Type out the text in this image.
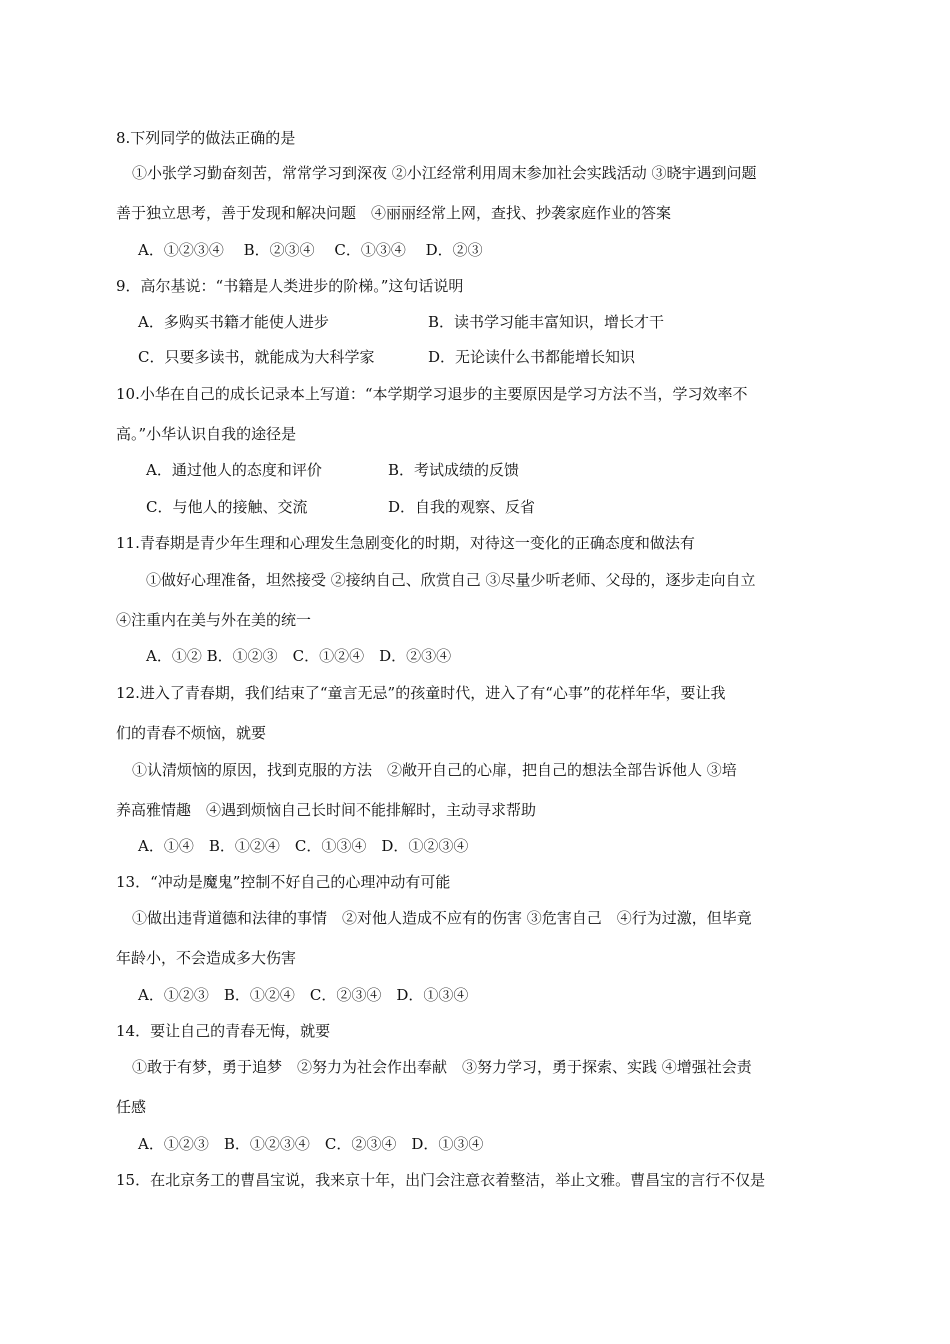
8.下列同学的做法正确的是
①小张学习勤奋刻苦，常常学习到深夜 ②小江经常利用周末参加社会实践活动 ③晓宇遇到问题
善于独立思考，善于发现和解决问题　④丽丽经常上网，查找、抄袭家庭作业的答案
A．①②③④　 B．②③④　 C．①③④　 D．②③
9．高尔基说：“书籍是人类进步的阶梯。”这句话说明
A．多购买书籍才能使人进步	B．读书学习能丰富知识，增长才干
C．只要多读书，就能成为大科学家	D．无论读什么书都能增长知识
10.小华在自己的成长记录本上写道：“本学期学习退步的主要原因是学习方法不当，学习效率不
高。”小华认识自我的途径是
A．通过他人的态度和评价	B．考试成绩的反馈
C．与他人的接触、交流	D．自我的观察、反省
11.青春期是青少年生理和心理发生急剧变化的时期，对待这一变化的正确态度和做法有
①做好心理准备，坦然接受 ②接纳自己、欣赏自己 ③尽量少听老师、父母的，逐步走向自立
④注重内在美与外在美的统一
A．①② B．①②③　C．①②④　D．②③④
12.进入了青春期，我们结束了“童言无忌”的孩童时代，进入了有“心事”的花样年华，要让我
们的青春不烦恼，就要
①认清烦恼的原因，找到克服的方法　②敞开自己的心扉，把自己的想法全部告诉他人 ③培
养高雅情趣　④遇到烦恼自己长时间不能排解时，主动寻求帮助
A．①④　B．①②④　C．①③④　D．①②③④
13．“冲动是魔鬼”控制不好自己的心理冲动有可能
①做出违背道德和法律的事情　②对他人造成不应有的伤害 ③危害自己　④行为过激，但毕竟
年龄小，不会造成多大伤害
A．①②③　B．①②④　C．②③④　D．①③④
14．要让自己的青春无悔，就要
①敢于有梦，勇于追梦　②努力为社会作出奉献　③努力学习，勇于探索、实践 ④增强社会责
任感
A．①②③　B．①②③④　C．②③④　D．①③④
15．在北京务工的曹昌宝说，我来京十年，出门会注意衣着整洁，举止文雅。曹昌宝的言行不仅是
